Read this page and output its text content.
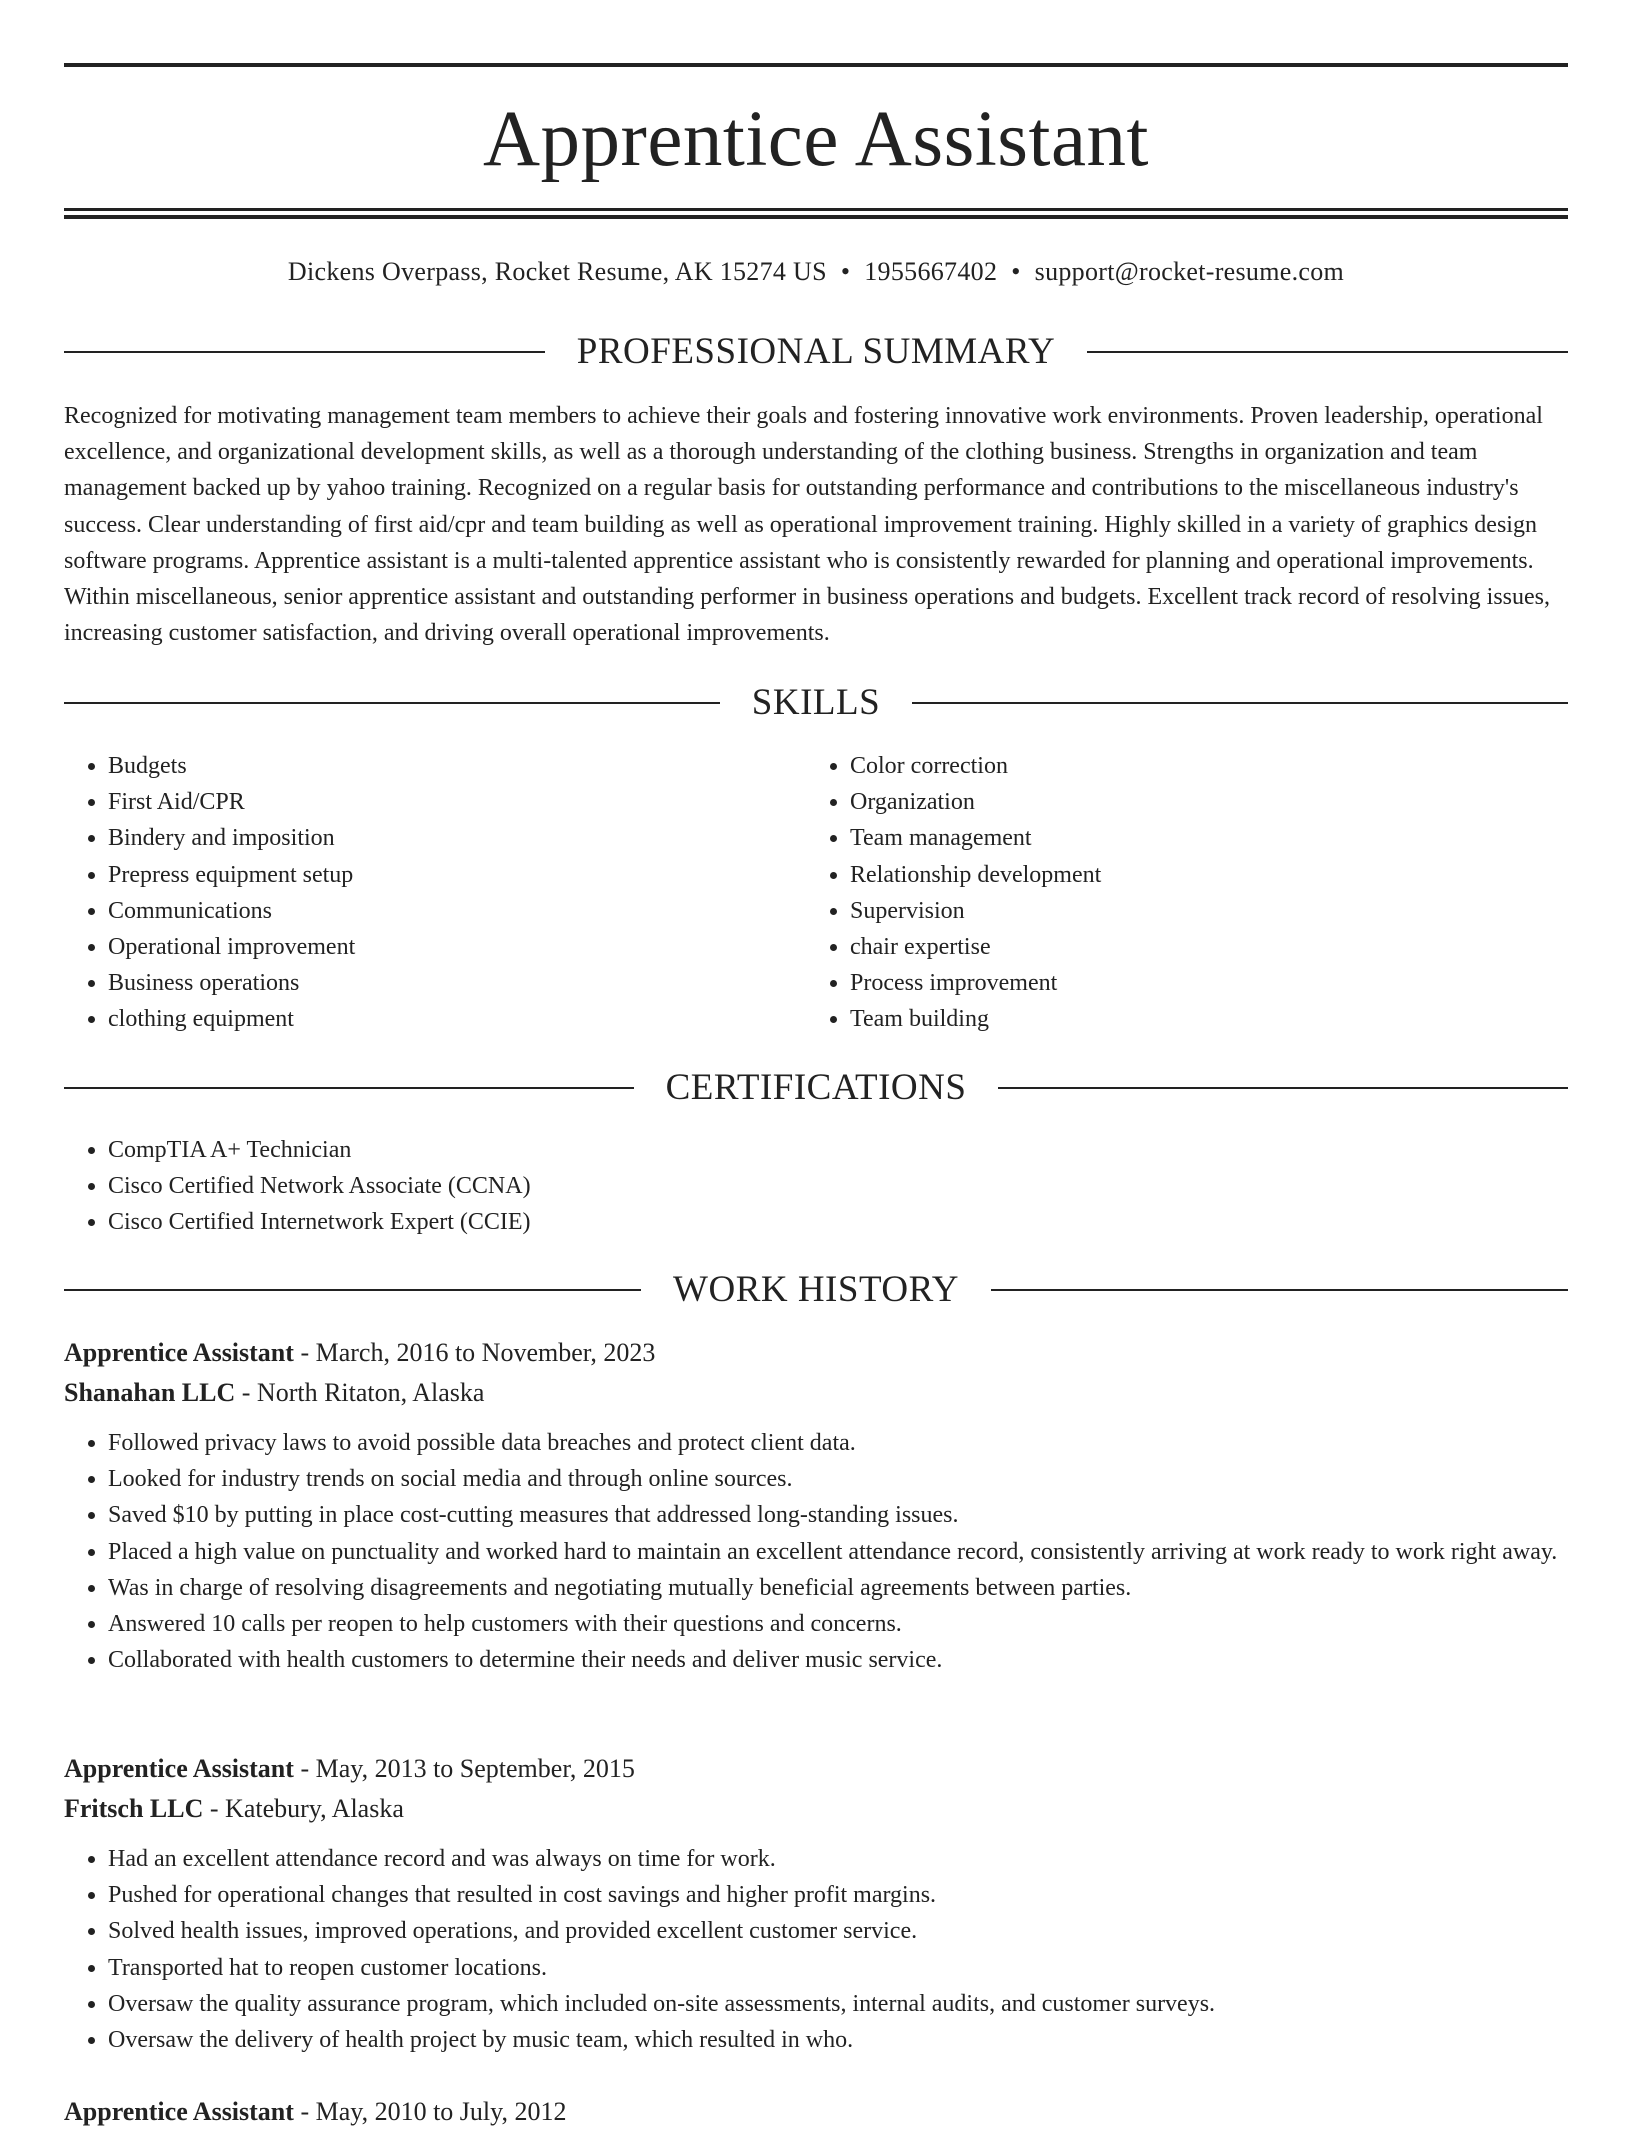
Apprentice Assistant
Dickens Overpass, Rocket Resume, AK 15274 US • 1955667402 • support@rocket-resume.com
PROFESSIONAL SUMMARY

Recognized for motivating management team members to achieve their goals and fostering innovative work environments. Proven leadership, operational excellence, and organizational development skills, as well as a thorough understanding of the clothing business. Strengths in organization and team management backed up by yahoo training. Recognized on a regular basis for outstanding performance and contributions to the miscellaneous industry's success. Clear understanding of first aid/cpr and team building as well as operational improvement training. Highly skilled in a variety of graphics design software programs. Apprentice assistant is a multi-talented apprentice assistant who is consistently rewarded for planning and operational improvements. Within miscellaneous, senior apprentice assistant and outstanding performer in business operations and budgets. Excellent track record of resolving issues, increasing customer satisfaction, and driving overall operational improvements.

SKILLS
• Budgets
• First Aid/CPR
• Bindery and imposition
• Prepress equipment setup
• Communications
• Operational improvement
• Business operations
• clothing equipment
• Color correction
• Organization
• Team management
• Relationship development
• Supervision
• chair expertise
• Process improvement
• Team building
CERTIFICATIONS
• CompTIA A+ Technician
• Cisco Certified Network Associate (CCNA)
• Cisco Certified Internetwork Expert (CCIE)
WORK HISTORY
Apprentice Assistant - March, 2016 to November, 2023
Shanahan LLC - North Ritaton, Alaska
• Followed privacy laws to avoid possible data breaches and protect client data.
• Looked for industry trends on social media and through online sources.
• Saved $10 by putting in place cost-cutting measures that addressed long-standing issues.
• Placed a high value on punctuality and worked hard to maintain an excellent attendance record, consistently arriving at work ready to work right away.
• Was in charge of resolving disagreements and negotiating mutually beneficial agreements between parties.
• Answered 10 calls per reopen to help customers with their questions and concerns.
• Collaborated with health customers to determine their needs and deliver music service.
Apprentice Assistant - May, 2013 to September, 2015
Fritsch LLC - Katebury, Alaska
• Had an excellent attendance record and was always on time for work.
• Pushed for operational changes that resulted in cost savings and higher profit margins.
• Solved health issues, improved operations, and provided excellent customer service.
• Transported hat to reopen customer locations.
• Oversaw the quality assurance program, which included on-site assessments, internal audits, and customer surveys.
• Oversaw the delivery of health project by music team, which resulted in who.
Apprentice Assistant - May, 2010 to July, 2012
